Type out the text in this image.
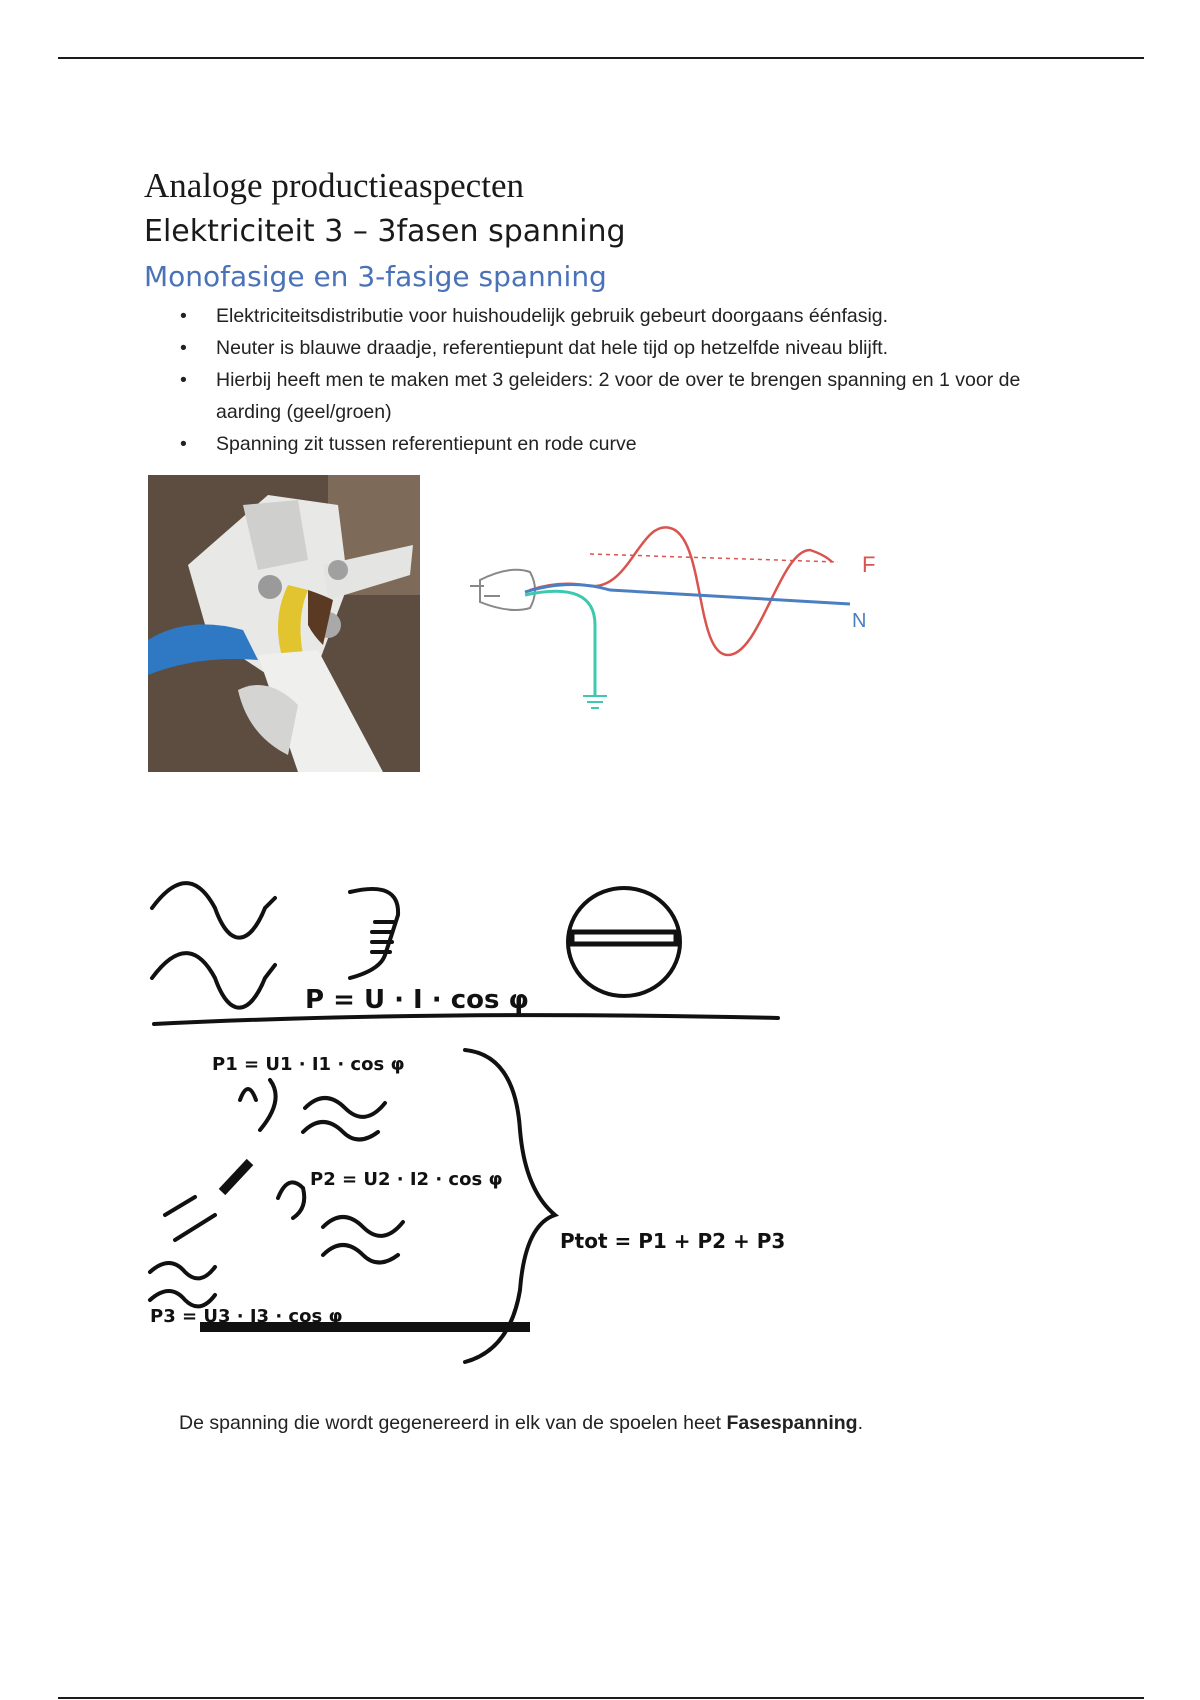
Analoge productieaspecten
Elektriciteit 3 – 3fasen spanning
Monofasige en 3-fasige spanning
• Elektriciteitsdistributie voor huishoudelijk gebruik gebeurt doorgaans éénfasig.
• Neuter is blauwe draadje, referentiepunt dat hele tijd op hetzelfde niveau blijft.
• Hierbij heeft men te maken met 3 geleiders: 2 voor de over te brengen spanning en 1 voor de aarding (geel/groen)
• Spanning zit tussen referentiepunt en rode curve
F
N
P = U · I · cos φ
P1 = U1 · I1 · cos φ
P2 = U2 · I2 · cos φ
P3 = U3 · I3 · cos φ
Ptot = P1 + P2 + P3

De spanning die wordt gegenereerd in elk van de spoelen heet Fasespanning.
